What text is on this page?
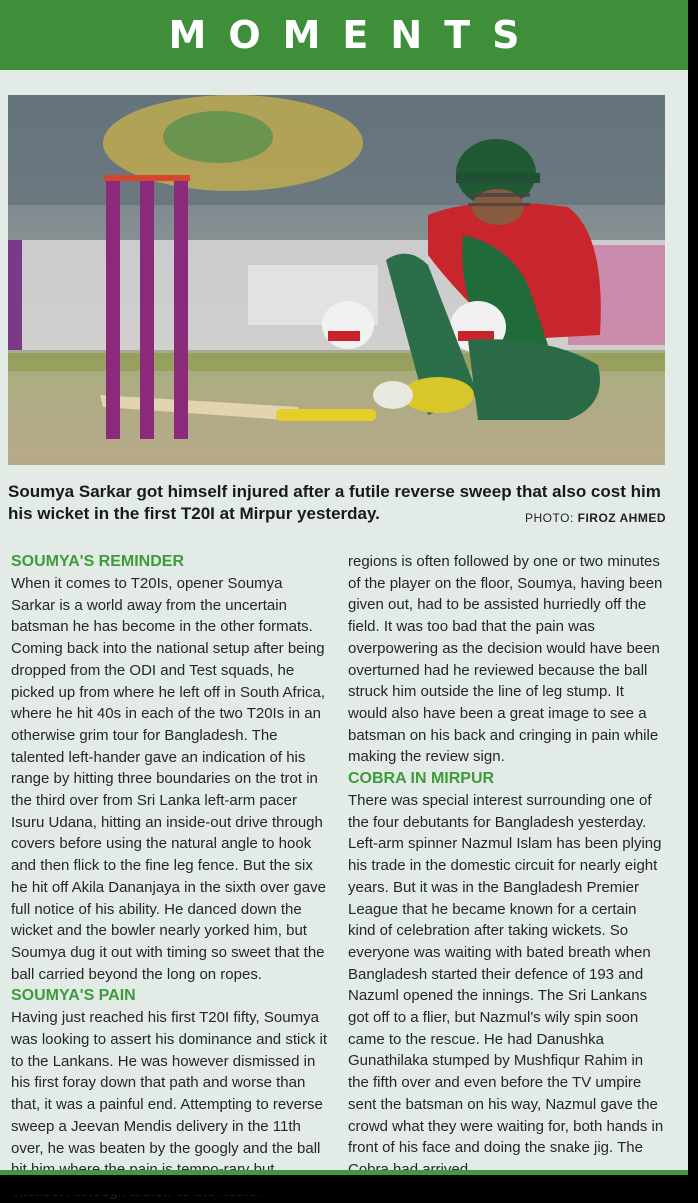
MOMENTS
Soumya Sarkar got himself injured after a futile reverse sweep that also cost him his wicket in the first T20I at Mirpur yesterday.	PHOTO: FIROZ AHMED
SOUMYA'S REMINDER

When it comes to T20Is, opener Soumya Sarkar is a world away from the uncertain batsman he has become in the other formats. Coming back into the national setup after being dropped from the ODI and Test squads, he picked up from where he left off in South Africa, where he hit 40s in each of the two T20Is in an otherwise grim tour for Bangladesh. The talented left-hander gave an indication of his range by hitting three boundaries on the trot in the third over from Sri Lanka left-arm pacer Isuru Udana, hitting an inside-out drive through covers before using the natural angle to hook and then flick to the fine leg fence. But the six he hit off Akila Dananjaya in the sixth over gave full notice of his ability. He danced down the wicket and the bowler nearly yorked him, but Soumya dug it out with timing so sweet that the ball carried beyond the long on ropes.

SOUMYA'S PAIN

Having just reached his first T20I fifty, Soumya was looking to assert his dominance and stick it to the Lankans. He was however dismissed in his first foray down that path and worse than that, it was a painful end. Attempting to reverse sweep a Jeevan Mendis delivery in the 11th over, he was beaten by the googly and the ball

regions is often followed by one or two minutes of the player on the floor, Soumya, having been given out, had to be assisted hurriedly off the field. It was too bad that the pain was overpowering as the decision would have been overturned had he reviewed because the ball struck him outside the line of leg stump. It would also have been a great image to see a batsman on his back and cringing in pain while making the review sign.

COBRA IN MIRPUR

There was special interest surrounding one of the four debutants for Bangladesh yesterday. Left-arm spinner Nazmul Islam has been plying his trade in the domestic circuit for nearly eight years. But it was in the Bangladesh Premier League that he became known for a certain kind of celebration after taking wickets. So everyone was waiting with bated breath when Bangladesh started their defence of 193 and Nazuml opened the innings. The Sri Lankans got off to a flier, but Nazmul's wily spin soon came to the rescue. He had Danushka Gunathilaka stumped by Mushfiqur Rahim in the fifth over and even before the TV umpire sent the batsman on his way, Nazmul gave the crowd what they were waiting for, both hands in front of his face and doing the snake jig. The
